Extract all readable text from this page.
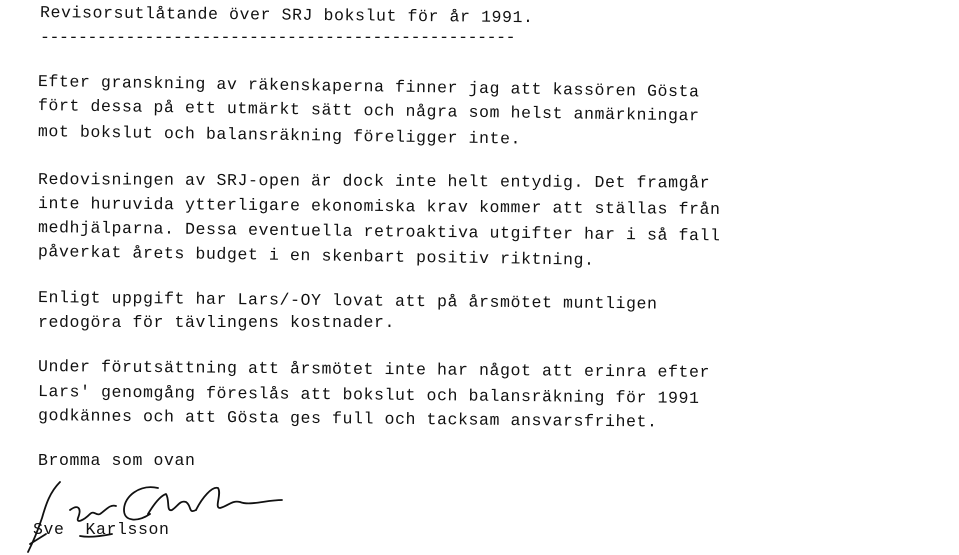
Revisorsutlåtande över SRJ bokslut för år 1991.
--------------------------------------------------
Efter granskning av räkenskaperna finner jag att kassören Gösta
fört dessa på ett utmärkt sätt och några som helst anmärkningar
mot bokslut och balansräkning föreligger inte.
Redovisningen av SRJ-open är dock inte helt entydig. Det framgår
inte huruvida ytterligare ekonomiska krav kommer att ställas från
medhjälparna. Dessa eventuella retroaktiva utgifter har i så fall
påverkat årets budget i en skenbart positiv riktning.
Enligt uppgift har Lars/-OY lovat att på årsmötet muntligen
redogöra för tävlingens kostnader.
Under förutsättning att årsmötet inte har något att erinra efter
Lars' genomgång föreslås att bokslut och balansräkning för 1991
godkännes och att Gösta ges full och tacksam ansvarsfrihet.
Bromma som ovan
Sve  Karlsson
